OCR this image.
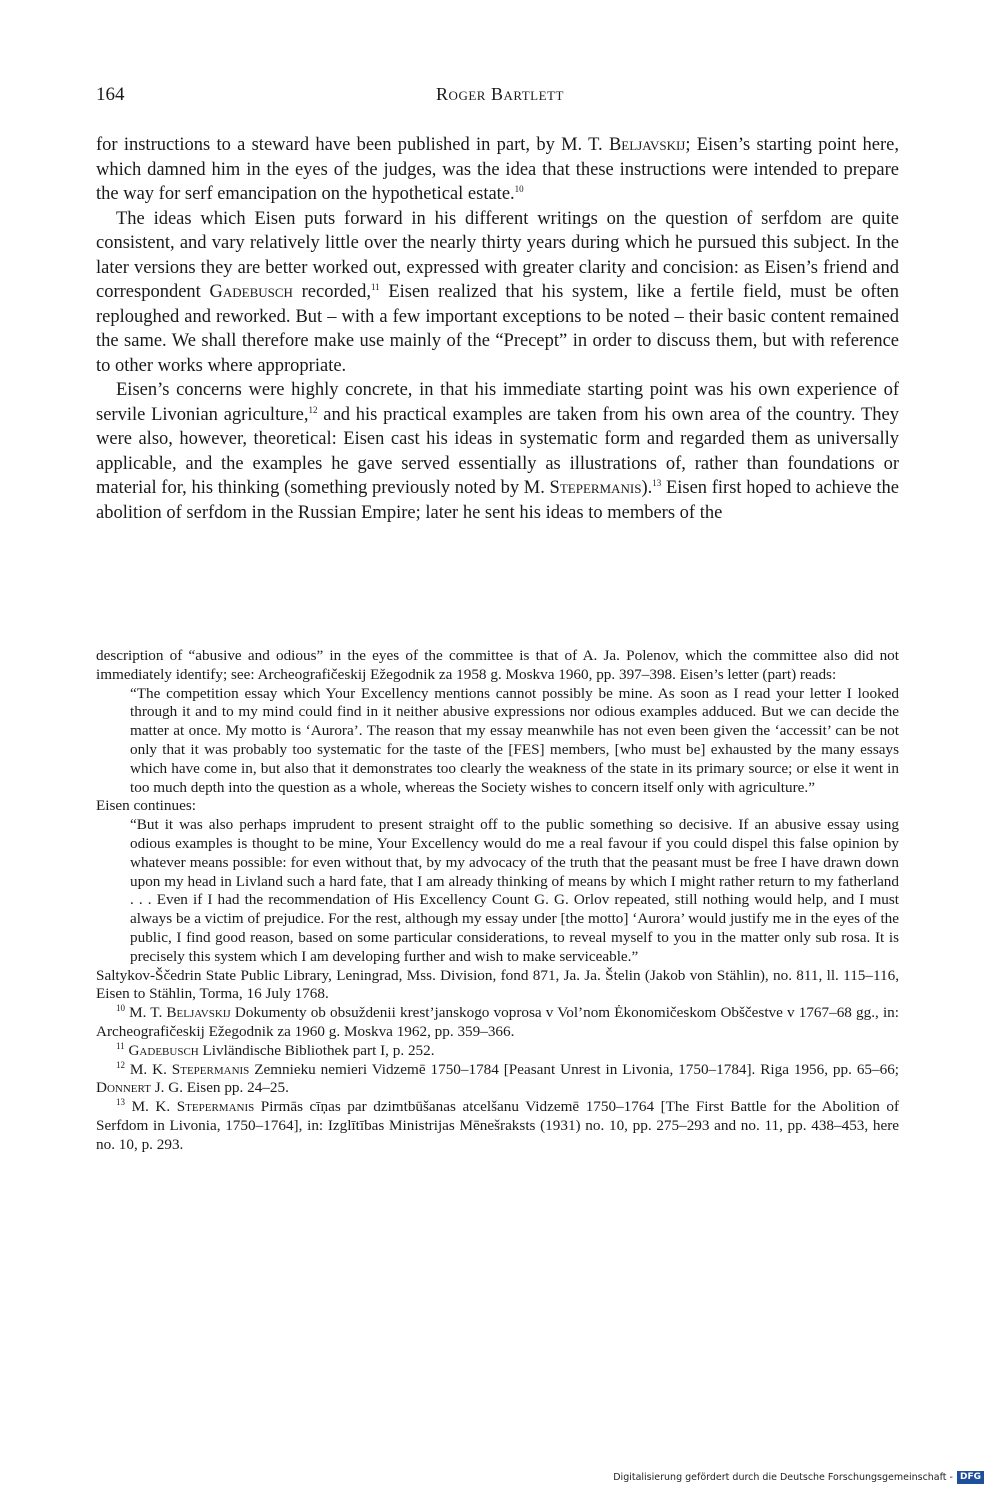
164	Roger Bartlett

for instructions to a steward have been published in part, by M. T. Beljavskij; Eisen’s starting point here, which damned him in the eyes of the judges, was the idea that these instructions were intended to prepare the way for serf emancipation on the hypothetical estate.$^{10}$

The ideas which Eisen puts forward in his different writings on the question of serfdom are quite consistent, and vary relatively little over the nearly thirty years during which he pursued this subject. In the later versions they are better worked out, expressed with greater clarity and concision: as Eisen’s friend and correspondent Gadebusch recorded,$^{11}$ Eisen realized that his system, like a fertile field, must be often reploughed and reworked. But – with a few important exceptions to be noted – their basic content remained the same. We shall therefore make use mainly of the “Precept” in order to discuss them, but with reference to other works where appropriate.

Eisen’s concerns were highly concrete, in that his immediate starting point was his own experience of servile Livonian agriculture,$^{12}$ and his practical examples are taken from his own area of the country. They were also, however, theoretical: Eisen cast his ideas in systematic form and regarded them as universally applicable, and the examples he gave served essentially as illustrations of, rather than foundations or material for, his thinking (something previously noted by M. Stepermanis).$^{13}$ Eisen first hoped to achieve the abolition of serfdom in the Russian Empire; later he sent his ideas to members of the

description of “abusive and odious” in the eyes of the committee is that of A. Ja. Polenov, which the committee also did not immediately identify; see: Archeografičeskij Ežegodnik za 1958 g. Moskva 1960, pp. 397–398. Eisen’s letter (part) reads:

“The competition essay which Your Excellency mentions cannot possibly be mine. As soon as I read your letter I looked through it and to my mind could find in it neither abusive expressions nor odious examples adduced. But we can decide the matter at once. My motto is ‘Aurora’. The reason that my essay meanwhile has not even been given the ‘accessit’ can be not only that it was probably too systematic for the taste of the [FES] members, [who must be] exhausted by the many essays which have come in, but also that it demonstrates too clearly the weakness of the state in its primary source; or else it went in too much depth into the question as a whole, whereas the Society wishes to concern itself only with agriculture.”

Eisen continues:

“But it was also perhaps imprudent to present straight off to the public something so decisive. If an abusive essay using odious examples is thought to be mine, Your Excellency would do me a real favour if you could dispel this false opinion by whatever means possible: for even without that, by my advocacy of the truth that the peasant must be free I have drawn down upon my head in Livland such a hard fate, that I am already thinking of means by which I might rather return to my fatherland . . . Even if I had the recommendation of His Excellency Count G. G. Orlov repeated, still nothing would help, and I must always be a victim of prejudice. For the rest, although my essay under [the motto] ‘Aurora’ would justify me in the eyes of the public, I find good reason, based on some particular considerations, to reveal myself to you in the matter only sub rosa. It is precisely this system which I am developing further and wish to make serviceable.”

Saltykov-Ščedrin State Public Library, Leningrad, Mss. Division, fond 871, Ja. Ja. Štelin (Jakob von Stählin), no. 811, ll. 115–116, Eisen to Stählin, Torma, 16 July 1768.

$^{10}$ M. T. Beljavskij Dokumenty ob obsuždenii krest’janskogo voprosa v Vol’nom Ėkonomičeskom Obščestve v 1767–68 gg., in: Archeografičeskij Ežegodnik za 1960 g. Moskva 1962, pp. 359–366.

$^{11}$ Gadebusch Livländische Bibliothek part I, p. 252.

$^{12}$ M. K. Stepermanis Zemnieku nemieri Vidzemē 1750–1784 [Peasant Unrest in Livonia, 1750–1784]. Riga 1956, pp. 65–66; Donnert J. G. Eisen pp. 24–25.

$^{13}$ M. K. Stepermanis Pirmās cīņas par dzimtbūšanas atcelšanu Vidzemē 1750–1764 [The First Battle for the Abolition of Serfdom in Livonia, 1750–1764], in: Izglītības Ministrijas Mēnešraksts (1931) no. 10, pp. 275–293 and no. 11, pp. 438–453, here no. 10, p. 293.

Digitalisierung gefördert durch die Deutsche Forschungsgemeinschaft - DFG
